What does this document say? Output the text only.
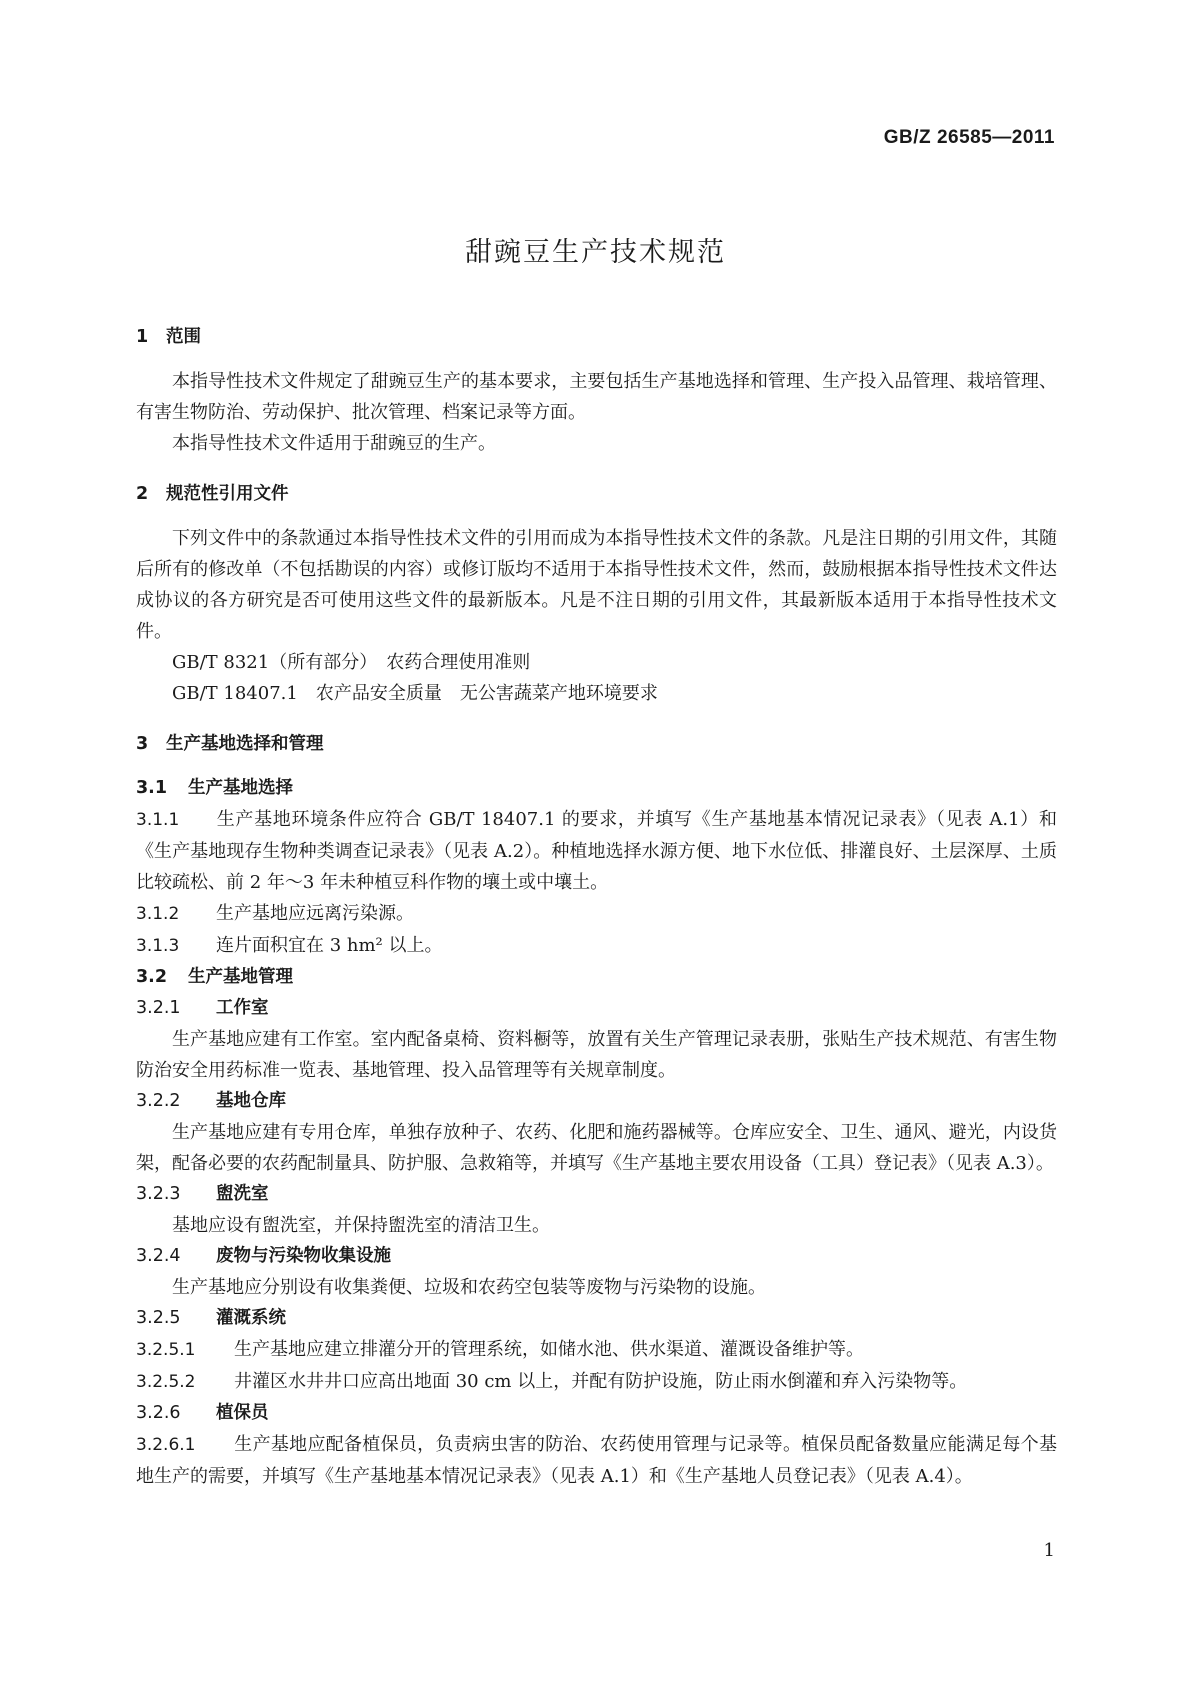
GB/Z 26585—2011
甜豌豆生产技术规范
1 范围

本指导性技术文件规定了甜豌豆生产的基本要求，主要包括生产基地选择和管理、生产投入品管理、栽培管理、有害生物防治、劳动保护、批次管理、档案记录等方面。

本指导性技术文件适用于甜豌豆的生产。

2 规范性引用文件

下列文件中的条款通过本指导性技术文件的引用而成为本指导性技术文件的条款。凡是注日期的引用文件，其随后所有的修改单（不包括勘误的内容）或修订版均不适用于本指导性技术文件，然而，鼓励根据本指导性技术文件达成协议的各方研究是否可使用这些文件的最新版本。凡是不注日期的引用文件，其最新版本适用于本指导性技术文件。

GB/T 8321（所有部分）　农药合理使用准则
GB/T 18407.1　农产品安全质量　无公害蔬菜产地环境要求
3 生产基地选择和管理
3.1 生产基地选择

3.1.1 生产基地环境条件应符合 GB/T 18407.1 的要求，并填写《生产基地基本情况记录表》（见表 A.1）和《生产基地现存生物种类调查记录表》（见表 A.2）。种植地选择水源方便、地下水位低、排灌良好、土层深厚、土质比较疏松、前 2 年～3 年未种植豆科作物的壤土或中壤土。

3.1.2 生产基地应远离污染源。

3.1.3 连片面积宜在 3 hm² 以上。

3.2 生产基地管理
3.2.1 工作室

生产基地应建有工作室。室内配备桌椅、资料橱等，放置有关生产管理记录表册，张贴生产技术规范、有害生物防治安全用药标准一览表、基地管理、投入品管理等有关规章制度。

3.2.2 基地仓库

生产基地应建有专用仓库，单独存放种子、农药、化肥和施药器械等。仓库应安全、卫生、通风、避光，内设货架，配备必要的农药配制量具、防护服、急救箱等，并填写《生产基地主要农用设备（工具）登记表》（见表 A.3）。

3.2.3 盥洗室

基地应设有盥洗室，并保持盥洗室的清洁卫生。

3.2.4 废物与污染物收集设施

生产基地应分别设有收集粪便、垃圾和农药空包装等废物与污染物的设施。

3.2.5 灌溉系统

3.2.5.1 生产基地应建立排灌分开的管理系统，如储水池、供水渠道、灌溉设备维护等。

3.2.5.2 井灌区水井井口应高出地面 30 cm 以上，并配有防护设施，防止雨水倒灌和弃入污染物等。

3.2.6 植保员

3.2.6.1 生产基地应配备植保员，负责病虫害的防治、农药使用管理与记录等。植保员配备数量应能满足每个基地生产的需要，并填写《生产基地基本情况记录表》（见表 A.1）和《生产基地人员登记表》（见表 A.4）。

1
